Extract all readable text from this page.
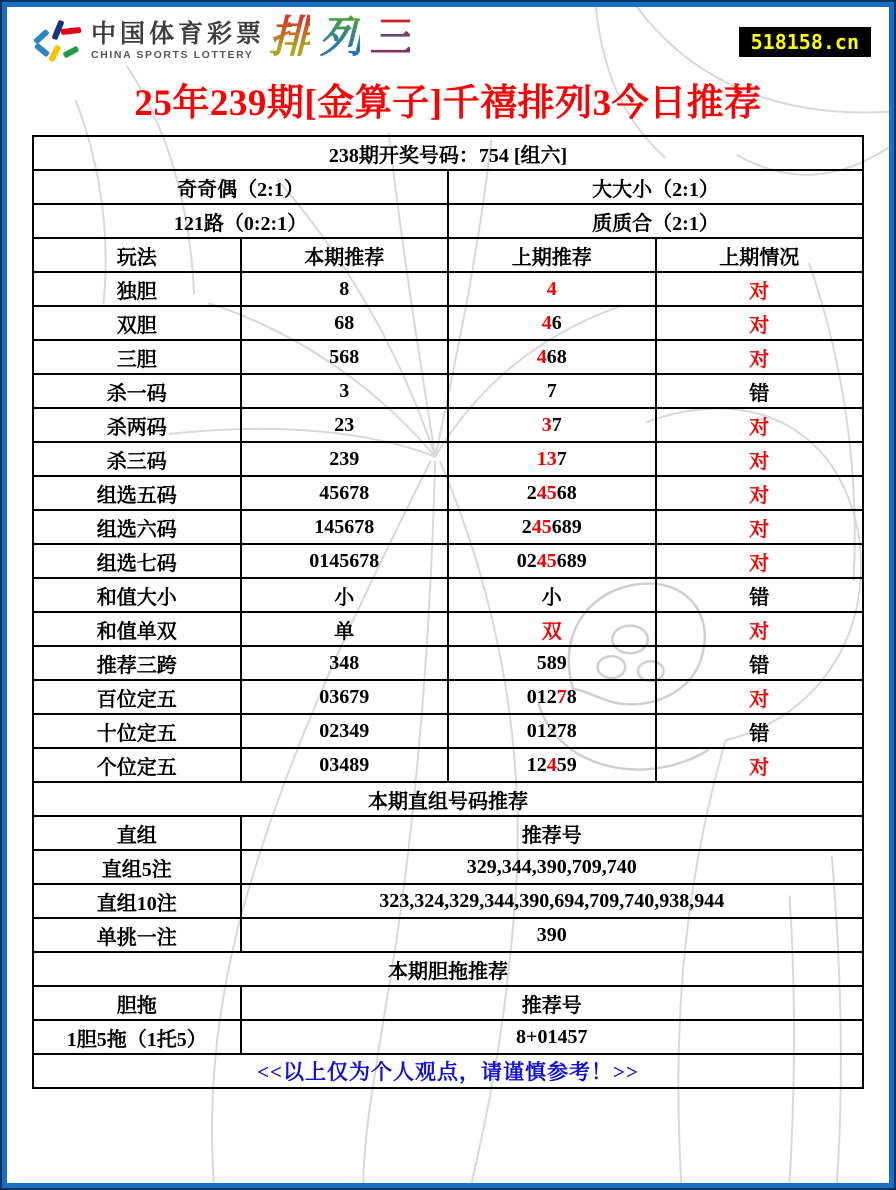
中国体育彩票
CHINA SPORTS LOTTERY 排 列 三	518158.cn
25年239期[金算子]千禧排列3今日推荐
238期开奖号码：754 [组六]			
奇奇偶（2:1）		大大小（2:1）	
121路（0:2:1）		质质合（2:1）	
玩法	本期推荐	上期推荐	上期情况
独胆	8	4	对
双胆	68	46	对
三胆	568	468	对
杀一码	3	7	错
杀两码	23	37	对
杀三码	239	137	对
组选五码	45678	24568	对
组选六码	145678	245689	对
组选七码	0145678	0245689	对
和值大小	小	小	错
和值单双	单	双	对
推荐三跨	348	589	错
百位定五	03679	01278	对
十位定五	02349	01278	错
个位定五	03489	12459	对
本期直组号码推荐			
直组	推荐号		
直组5注	329,344,390,709,740		
直组10注	323,324,329,344,390,694,709,740,938,944		
单挑一注	390		
本期胆拖推荐			
胆拖	推荐号		
1胆5拖（1托5）	8+01457		
<<以上仅为个人观点，请谨慎参考！>>			
